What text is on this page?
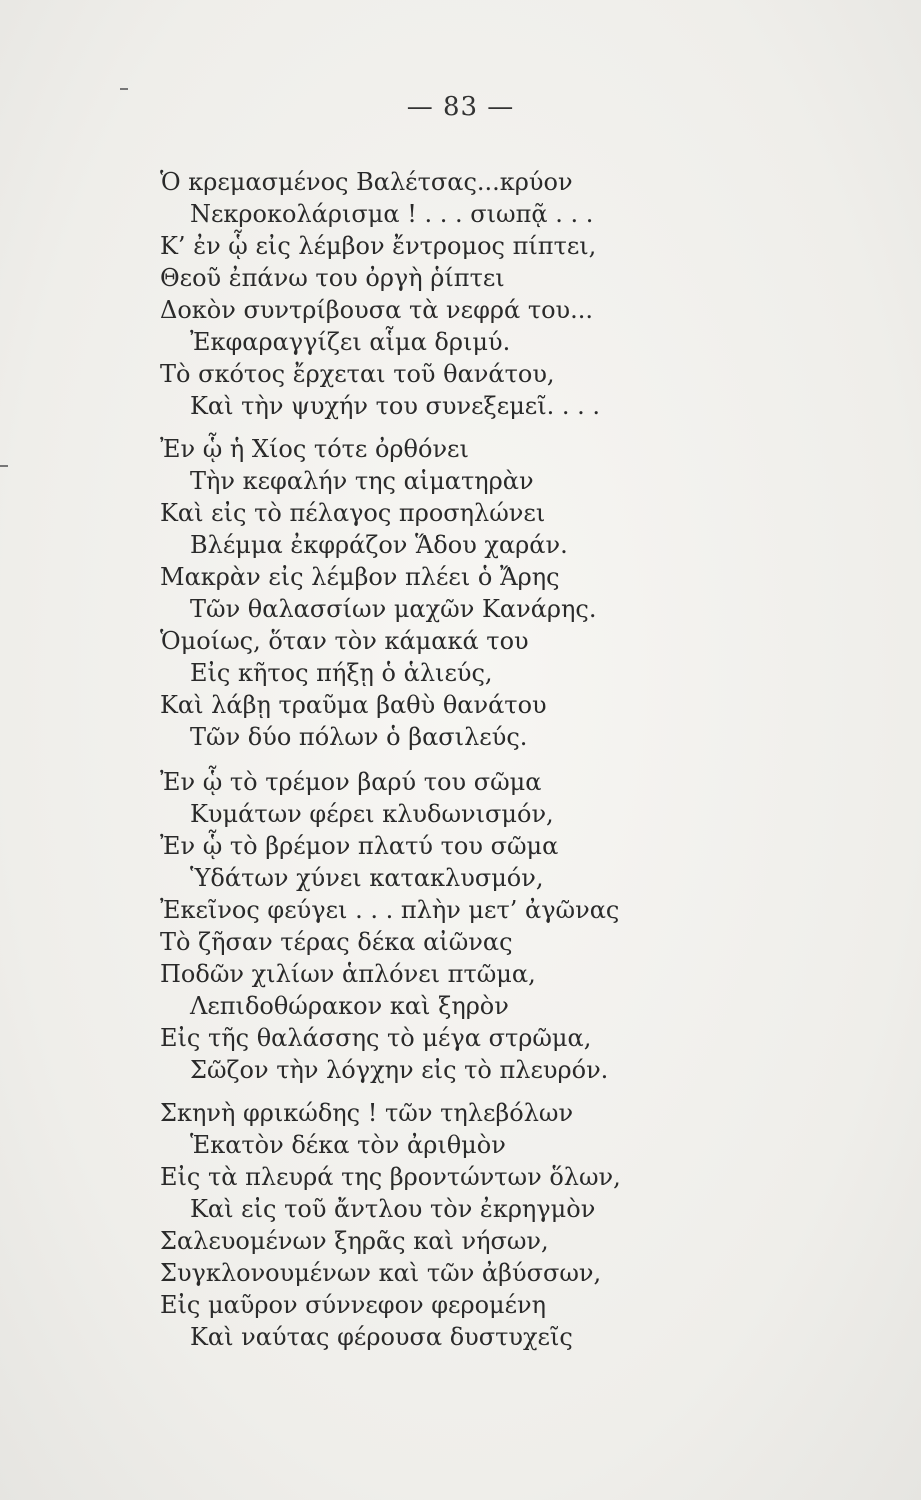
— 83 —
Ὁ κρεμασμένος Βαλέτσας...κρύον
Νεκροκολάρισμα ! . . . σιωπᾷ . . .
Κ’ ἐν ᾧ εἰς λέμβον ἔντρομος πίπτει,
Θεοῦ ἐπάνω του ὀργὴ ῥίπτει
Δοκὸν συντρίβουσα τὰ νεφρά του...
Ἐκφαραγγίζει αἷμα δριμύ.
Τὸ σκότος ἔρχεται τοῦ θανάτου,
Καὶ τὴν ψυχήν του συνεξεμεῖ. . . .
Ἐν ᾧ ἡ Χίος τότε ὀρθόνει
Τὴν κεφαλήν της αἱματηρὰν
Καὶ εἰς τὸ πέλαγος προσηλώνει
Βλέμμα ἐκφράζον Ἅδου χαράν.
Μακρὰν εἰς λέμβον πλέει ὁ Ἄρης
Τῶν θαλασσίων μαχῶν Κανάρης.
Ὁμοίως, ὅταν τὸν κάμακά του
Εἰς κῆτος πήξῃ ὁ ἁλιεύς,
Καὶ λάβῃ τραῦμα βαθὺ θανάτου
Τῶν δύο πόλων ὁ βασιλεύς.
Ἐν ᾧ τὸ τρέμον βαρύ του σῶμα
Κυμάτων φέρει κλυδωνισμόν,
Ἐν ᾧ τὸ βρέμον πλατύ του σῶμα
Ὑδάτων χύνει κατακλυσμόν,
Ἐκεῖνος φεύγει . . . πλὴν μετ’ ἀγῶνας
Τὸ ζῆσαν τέρας δέκα αἰῶνας
Ποδῶν χιλίων ἁπλόνει πτῶμα,
Λεπιδοθώρακον καὶ ξηρὸν
Εἰς τῆς θαλάσσης τὸ μέγα στρῶμα,
Σῶζον τὴν λόγχην εἰς τὸ πλευρόν.
Σκηνὴ φρικώδης ! τῶν τηλεβόλων
Ἑκατὸν δέκα τὸν ἀριθμὸν
Εἰς τὰ πλευρά της βροντώντων ὅλων,
Καὶ εἰς τοῦ ἄντλου τὸν ἐκρηγμὸν
Σαλευομένων ξηρᾶς καὶ νήσων,
Συγκλονουμένων καὶ τῶν ἀβύσσων,
Εἰς μαῦρον σύννεφον φερομένη
Καὶ ναύτας φέρουσα δυστυχεῖς
